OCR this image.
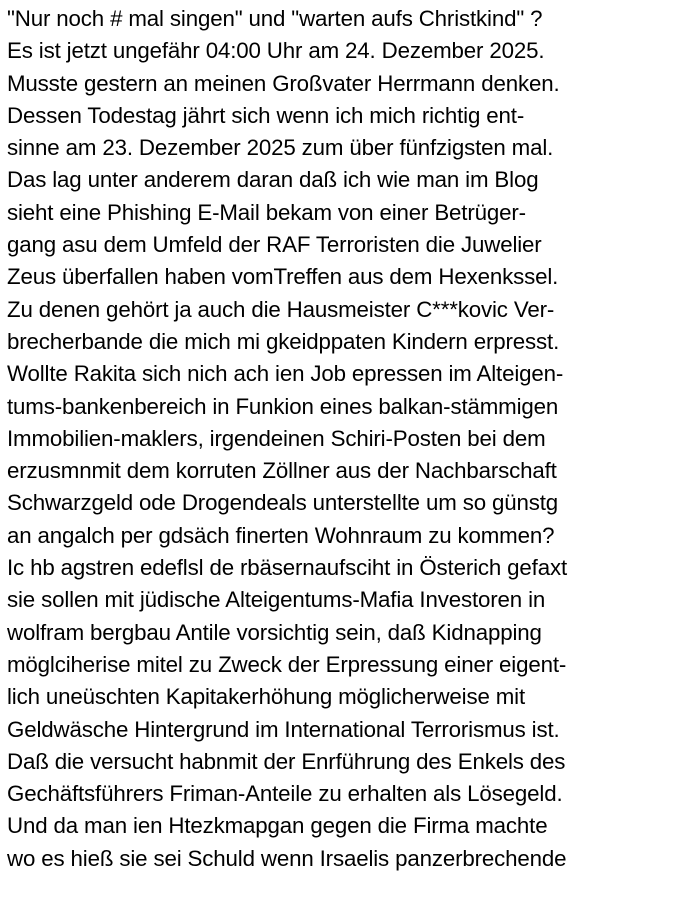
"Nur noch # mal singen" und "warten aufs Christkind" ?
Es ist jetzt ungefähr 04:00 Uhr am 24. Dezember 2025.
Musste gestern an meinen Großvater Herrmann denken.
Dessen Todestag jährt sich wenn ich mich richtig ent-
sinne am 23. Dezember 2025 zum über fünfzigsten mal.
Das lag unter anderem daran daß ich wie man im Blog
sieht eine Phishing E-Mail bekam von einer Betrüger-
gang asu dem Umfeld der RAF Terroristen die Juwelier
Zeus überfallen haben vomTreffen aus dem Hexenkssel.
Zu denen gehört ja auch die Hausmeister C***kovic Ver-
brecherbande die mich mi gkeidppaten Kindern erpresst.
Wollte Rakita sich nich ach ien Job epressen im Alteigen-
tums-bankenbereich in Funkion eines balkan-stämmigen
Immobilien-maklers, irgendeinen Schiri-Posten bei dem
erzusmnmit dem korruten Zöllner aus der Nachbarschaft
Schwarzgeld ode Drogendeals unterstellte um so günstg
an angalch per gdsäch finerten Wohnraum zu kommen?
Ic hb agstren edeflsl de rbäsernaufsciht in Österich gefaxt
sie sollen mit jüdische Alteigentums-Mafia Investoren in
wolfram bergbau Antile vorsichtig sein, daß Kidnapping
möglciherise mitel zu Zweck der Erpressung einer eigent-
lich uneüschten Kapitakerhöhung möglicherweise mit
Geldwäsche Hintergrund im International Terrorismus ist.
Daß die versucht habnmit der Enrführung des Enkels des
Gechäftsführers Friman-Anteile zu erhalten als Lösegeld.
Und da man ien Htezkmapgan gegen die Firma machte
wo es hieß sie sei Schuld wenn Irsaelis panzerbrechende
